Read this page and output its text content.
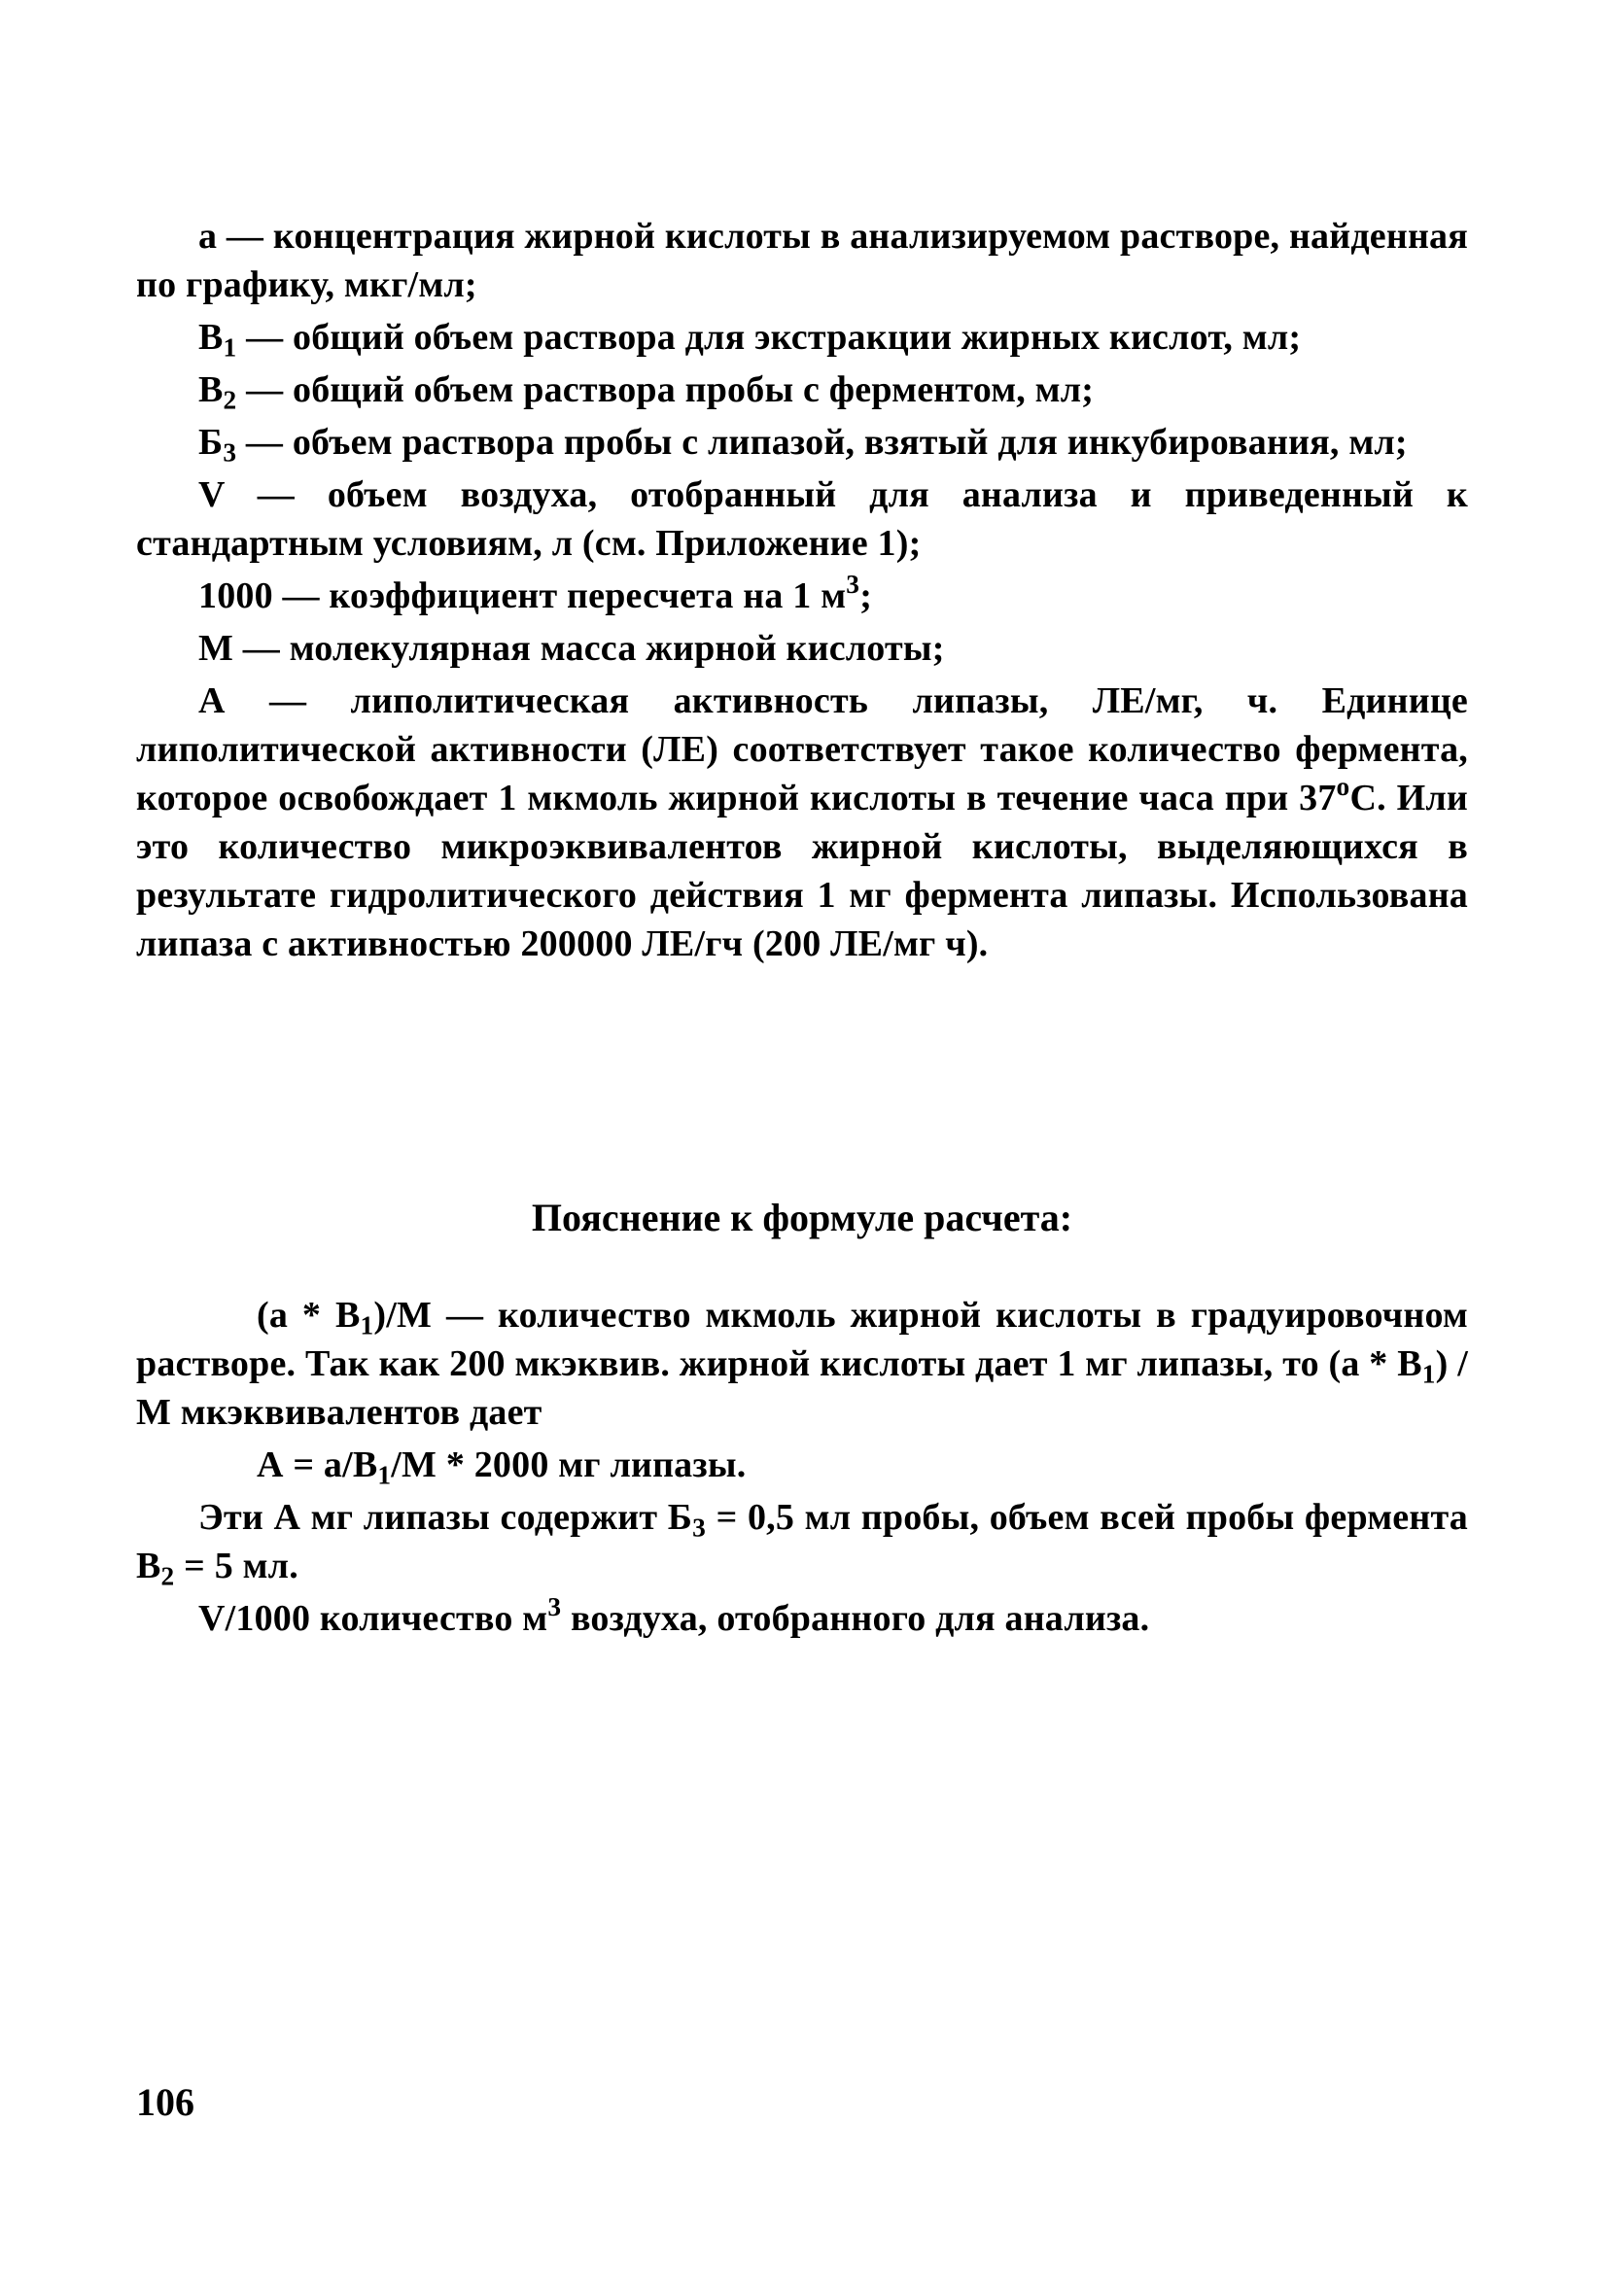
а — концентрация жирной кислоты в анализируемом растворе, найденная по графику, мкг/мл;

$В_1$ — общий объем раствора для экстракции жирных кислот, мл;

$В_2$ — общий объем раствора пробы с ферментом, мл;

$Б_3$ — объем раствора пробы с липазой, взятый для инкубирования, мл;

V — объем воздуха, отобранный для анализа и приведенный к стандартным условиям, л (см. Приложение 1);

1000 — коэффициент пересчета на 1 $м^3$;

М — молекулярная масса жирной кислоты;

А — липолитическая активность липазы, ЛЕ/мг, ч. Единице липолитической активности (ЛЕ) соответствует такое количество фермента, которое освобождает 1 мкмоль жирной кислоты в течение часа при $37^оС$. Или это количество микроэквивалентов жирной кислоты, выделяющихся в результате гидролитического действия 1 мг фермента липазы. Использована липаза с активностью 200000 ЛЕ/гч (200 ЛЕ/мг ч).

Пояснение к формуле расчета:

$(а * В_1)/М$ — количество мкмоль жирной кислоты в градуировочном растворе. Так как 200 мкэквив. жирной кислоты дает 1 мг липазы, то $(а * В_1)$ / М мкэквивалентов дает

$А = а/В_1/М * 2000$ мг липазы.

Эти А мг липазы содержит $Б_3 = 0,5$ мл пробы, объем всей пробы фермента $В_2 = 5$ мл.

V/1000 количество $м^3$ воздуха, отобранного для анализа.

106
